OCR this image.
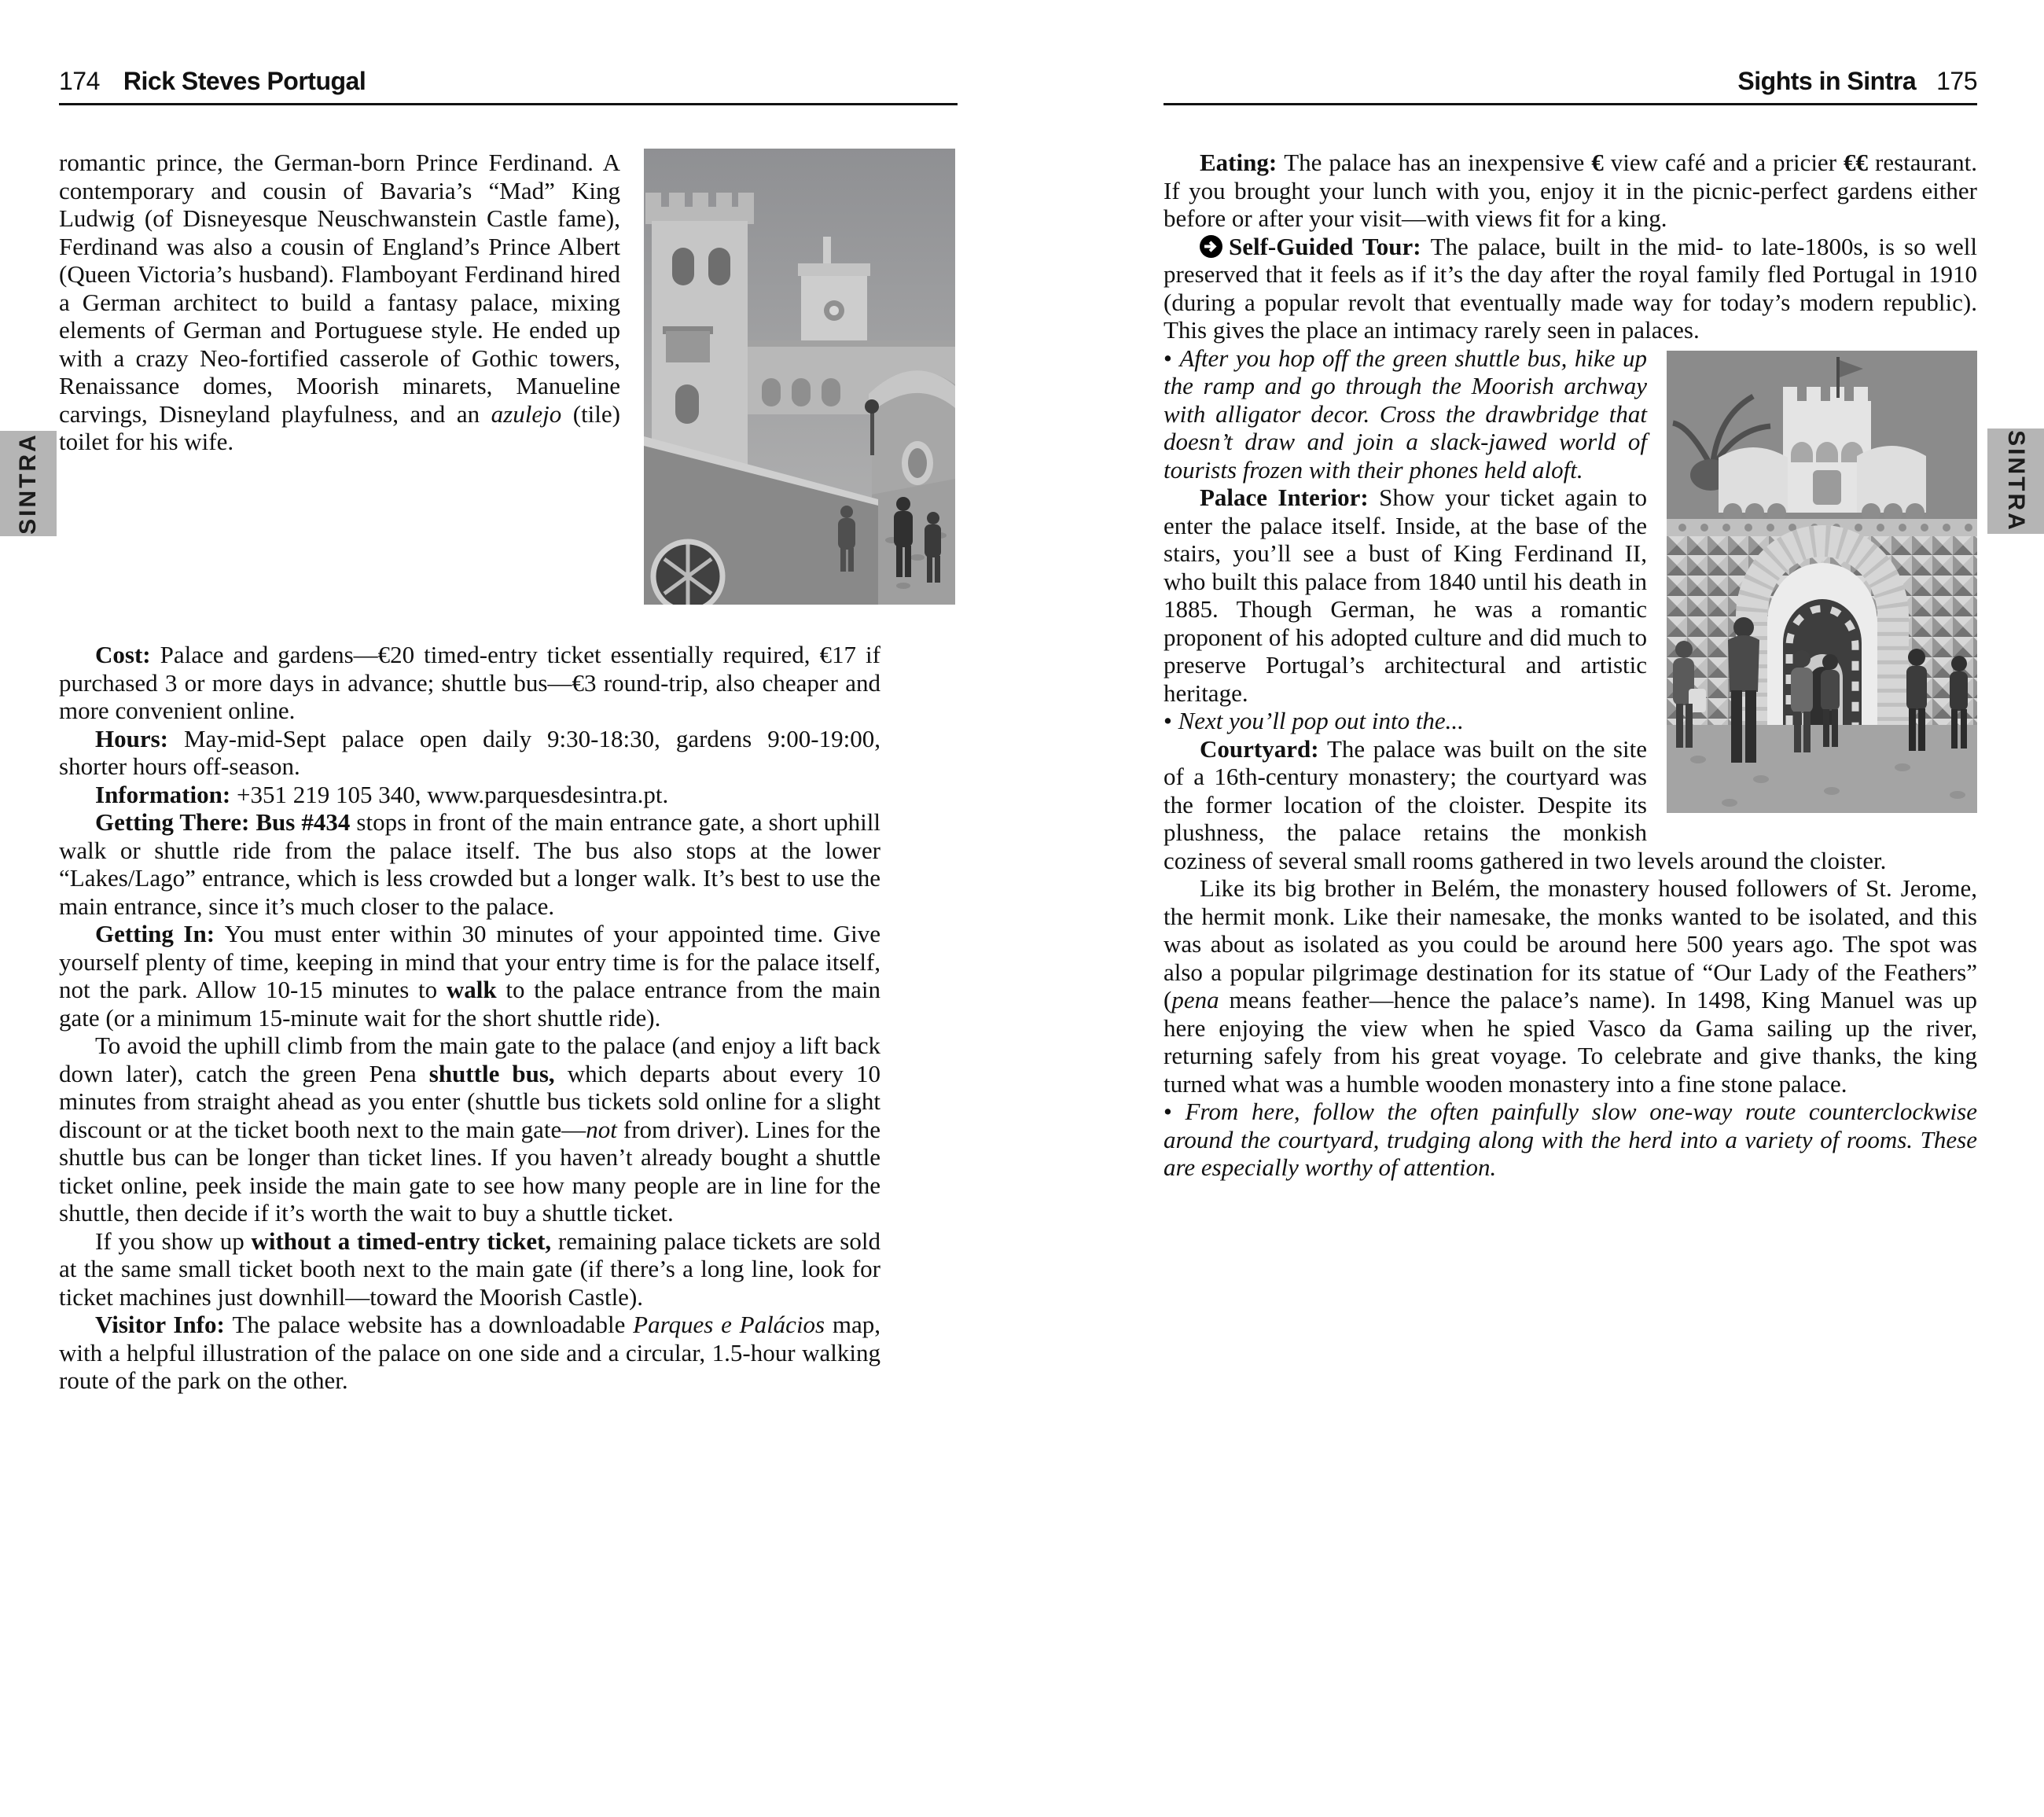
174 Rick Steves Portugal

romantic prince, the German-born Prince Ferdinand. A contemporary and cousin of Bavaria’s “Mad” King Ludwig (of Disneyesque Neuschwanstein Castle fame), Ferdinand was also a cousin of England’s Prince Albert (Queen Victoria’s husband). Flamboyant Ferdinand hired a German architect to build a fantasy palace, mixing elements of German and Portuguese style. He ended up with a crazy Neo-fortified casserole of Gothic towers, Renaissance domes, Moorish minarets, Manueline carvings, Disneyland playfulness, and an azulejo (tile) toilet for his wife.

Cost: Palace and gardens—€20 timed-entry ticket essentially required, €17 if purchased 3 or more days in advance; shuttle bus—€3 round-trip, also cheaper and more convenient online.

Hours: May-mid-Sept palace open daily 9:30-18:30, gardens 9:00-19:00, shorter hours off-season.

Information: +351 219 105 340, www.parquesdesintra.pt.

Getting There: Bus #434 stops in front of the main entrance gate, a short uphill walk or shuttle ride from the palace itself. The bus also stops at the lower “Lakes/Lago” entrance, which is less crowded but a longer walk. It’s best to use the main entrance, since it’s much closer to the palace.

Getting In: You must enter within 30 minutes of your appointed time. Give yourself plenty of time, keeping in mind that your entry time is for the palace itself, not the park. Allow 10-15 minutes to walk to the palace entrance from the main gate (or a minimum 15-minute wait for the short shuttle ride).

To avoid the uphill climb from the main gate to the palace (and enjoy a lift back down later), catch the green Pena shuttle bus, which departs about every 10 minutes from straight ahead as you enter (shuttle bus tickets sold online for a slight discount or at the ticket booth next to the main gate—not from driver). Lines for the shuttle bus can be longer than ticket lines. If you haven’t already bought a shuttle ticket online, peek inside the main gate to see how many people are in line for the shuttle, then decide if it’s worth the wait to buy a shuttle ticket.

If you show up without a timed-entry ticket, remaining palace tickets are sold at the same small ticket booth next to the main gate (if there’s a long line, look for ticket machines just downhill—toward the Moorish Castle).

Visitor Info: The palace website has a downloadable Parques e Palácios map, with a helpful illustration of the palace on one side and a circular, 1.5-hour walking route of the park on the other.

Sights in Sintra 175

Eating: The palace has an inexpensive € view café and a pricier €€ restaurant. If you brought your lunch with you, enjoy it in the picnic-perfect gardens either before or after your visit—with views fit for a king.

Self-Guided Tour: The palace, built in the mid- to late-1800s, is so well preserved that it feels as if it’s the day after the royal family fled Portugal in 1910 (during a popular revolt that eventually made way for today’s modern republic). This gives the place an intimacy rarely seen in palaces.

• After you hop off the green shuttle bus, hike up the ramp and go through the Moorish archway with alligator decor. Cross the drawbridge that doesn’t draw and join a slack-jawed world of tourists frozen with their phones held aloft.

Palace Interior: Show your ticket again to enter the palace itself. Inside, at the base of the stairs, you’ll see a bust of King Ferdinand II, who built this palace from 1840 until his death in 1885. Though German, he was a romantic proponent of his adopted culture and did much to preserve Portugal’s architectural and artistic heritage.

• Next you’ll pop out into the...

Courtyard: The palace was built on the site of a 16th-century monastery; the courtyard was the former location of the cloister. Despite its plushness, the palace retains the monkish coziness of several small rooms gathered in two levels around the cloister.

Like its big brother in Belém, the monastery housed followers of St. Jerome, the hermit monk. Like their namesake, the monks wanted to be isolated, and this was about as isolated as you could be around here 500 years ago. The spot was also a popular pilgrimage destination for its statue of “Our Lady of the Feathers” (pena means feather—hence the palace’s name). In 1498, King Manuel was up here enjoying the view when he spied Vasco da Gama sailing up the river, returning safely from his great voyage. To celebrate and give thanks, the king turned what was a humble wooden monastery into a fine stone palace.

• From here, follow the often painfully slow one-way route counterclockwise around the courtyard, trudging along with the herd into a variety of rooms. These are especially worthy of attention.

SINTRA	SINTRA
